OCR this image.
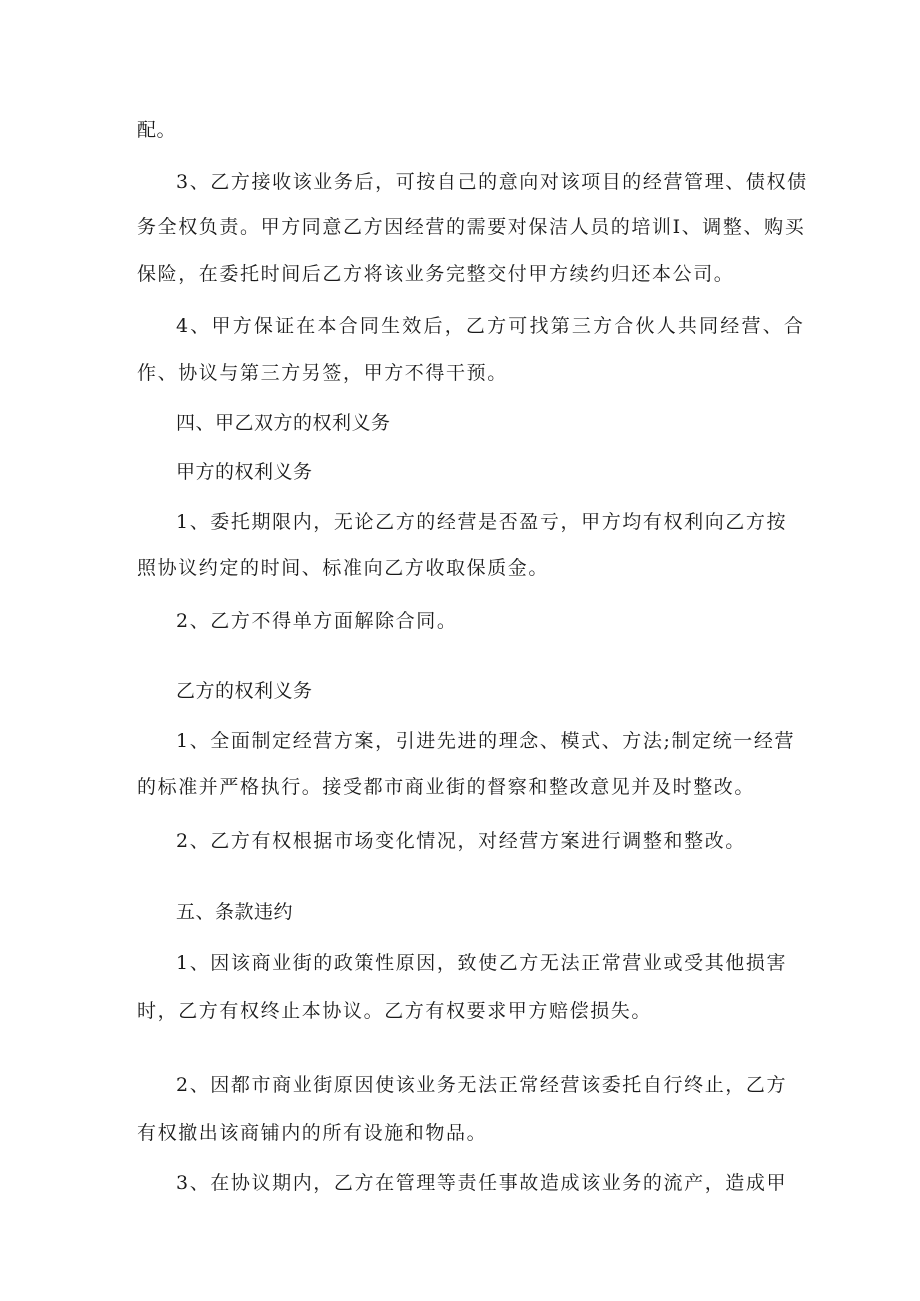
配。

3、乙方接收该业务后，可按自己的意向对该项目的经营管理、债权债

务全权负责。甲方同意乙方因经营的需要对保洁人员的培训I、调整、购买

保险，在委托时间后乙方将该业务完整交付甲方续约归还本公司。

4、甲方保证在本合同生效后，乙方可找第三方合伙人共同经营、合

作、协议与第三方另签，甲方不得干预。

四、甲乙双方的权利义务

甲方的权利义务

1、委托期限内，无论乙方的经营是否盈亏，甲方均有权利向乙方按

照协议约定的时间、标准向乙方收取保质金。

2、乙方不得单方面解除合同。

乙方的权利义务

1、全面制定经营方案，引进先进的理念、模式、方法;制定统一经营

的标准并严格执行。接受都市商业街的督察和整改意见并及时整改。

2、乙方有权根据市场变化情况，对经营方案进行调整和整改。

五、条款违约

1、因该商业街的政策性原因，致使乙方无法正常营业或受其他损害

时，乙方有权终止本协议。乙方有权要求甲方赔偿损失。

2、因都市商业街原因使该业务无法正常经营该委托自行终止，乙方

有权撤出该商铺内的所有设施和物品。

3、在协议期内，乙方在管理等责任事故造成该业务的流产，造成甲
